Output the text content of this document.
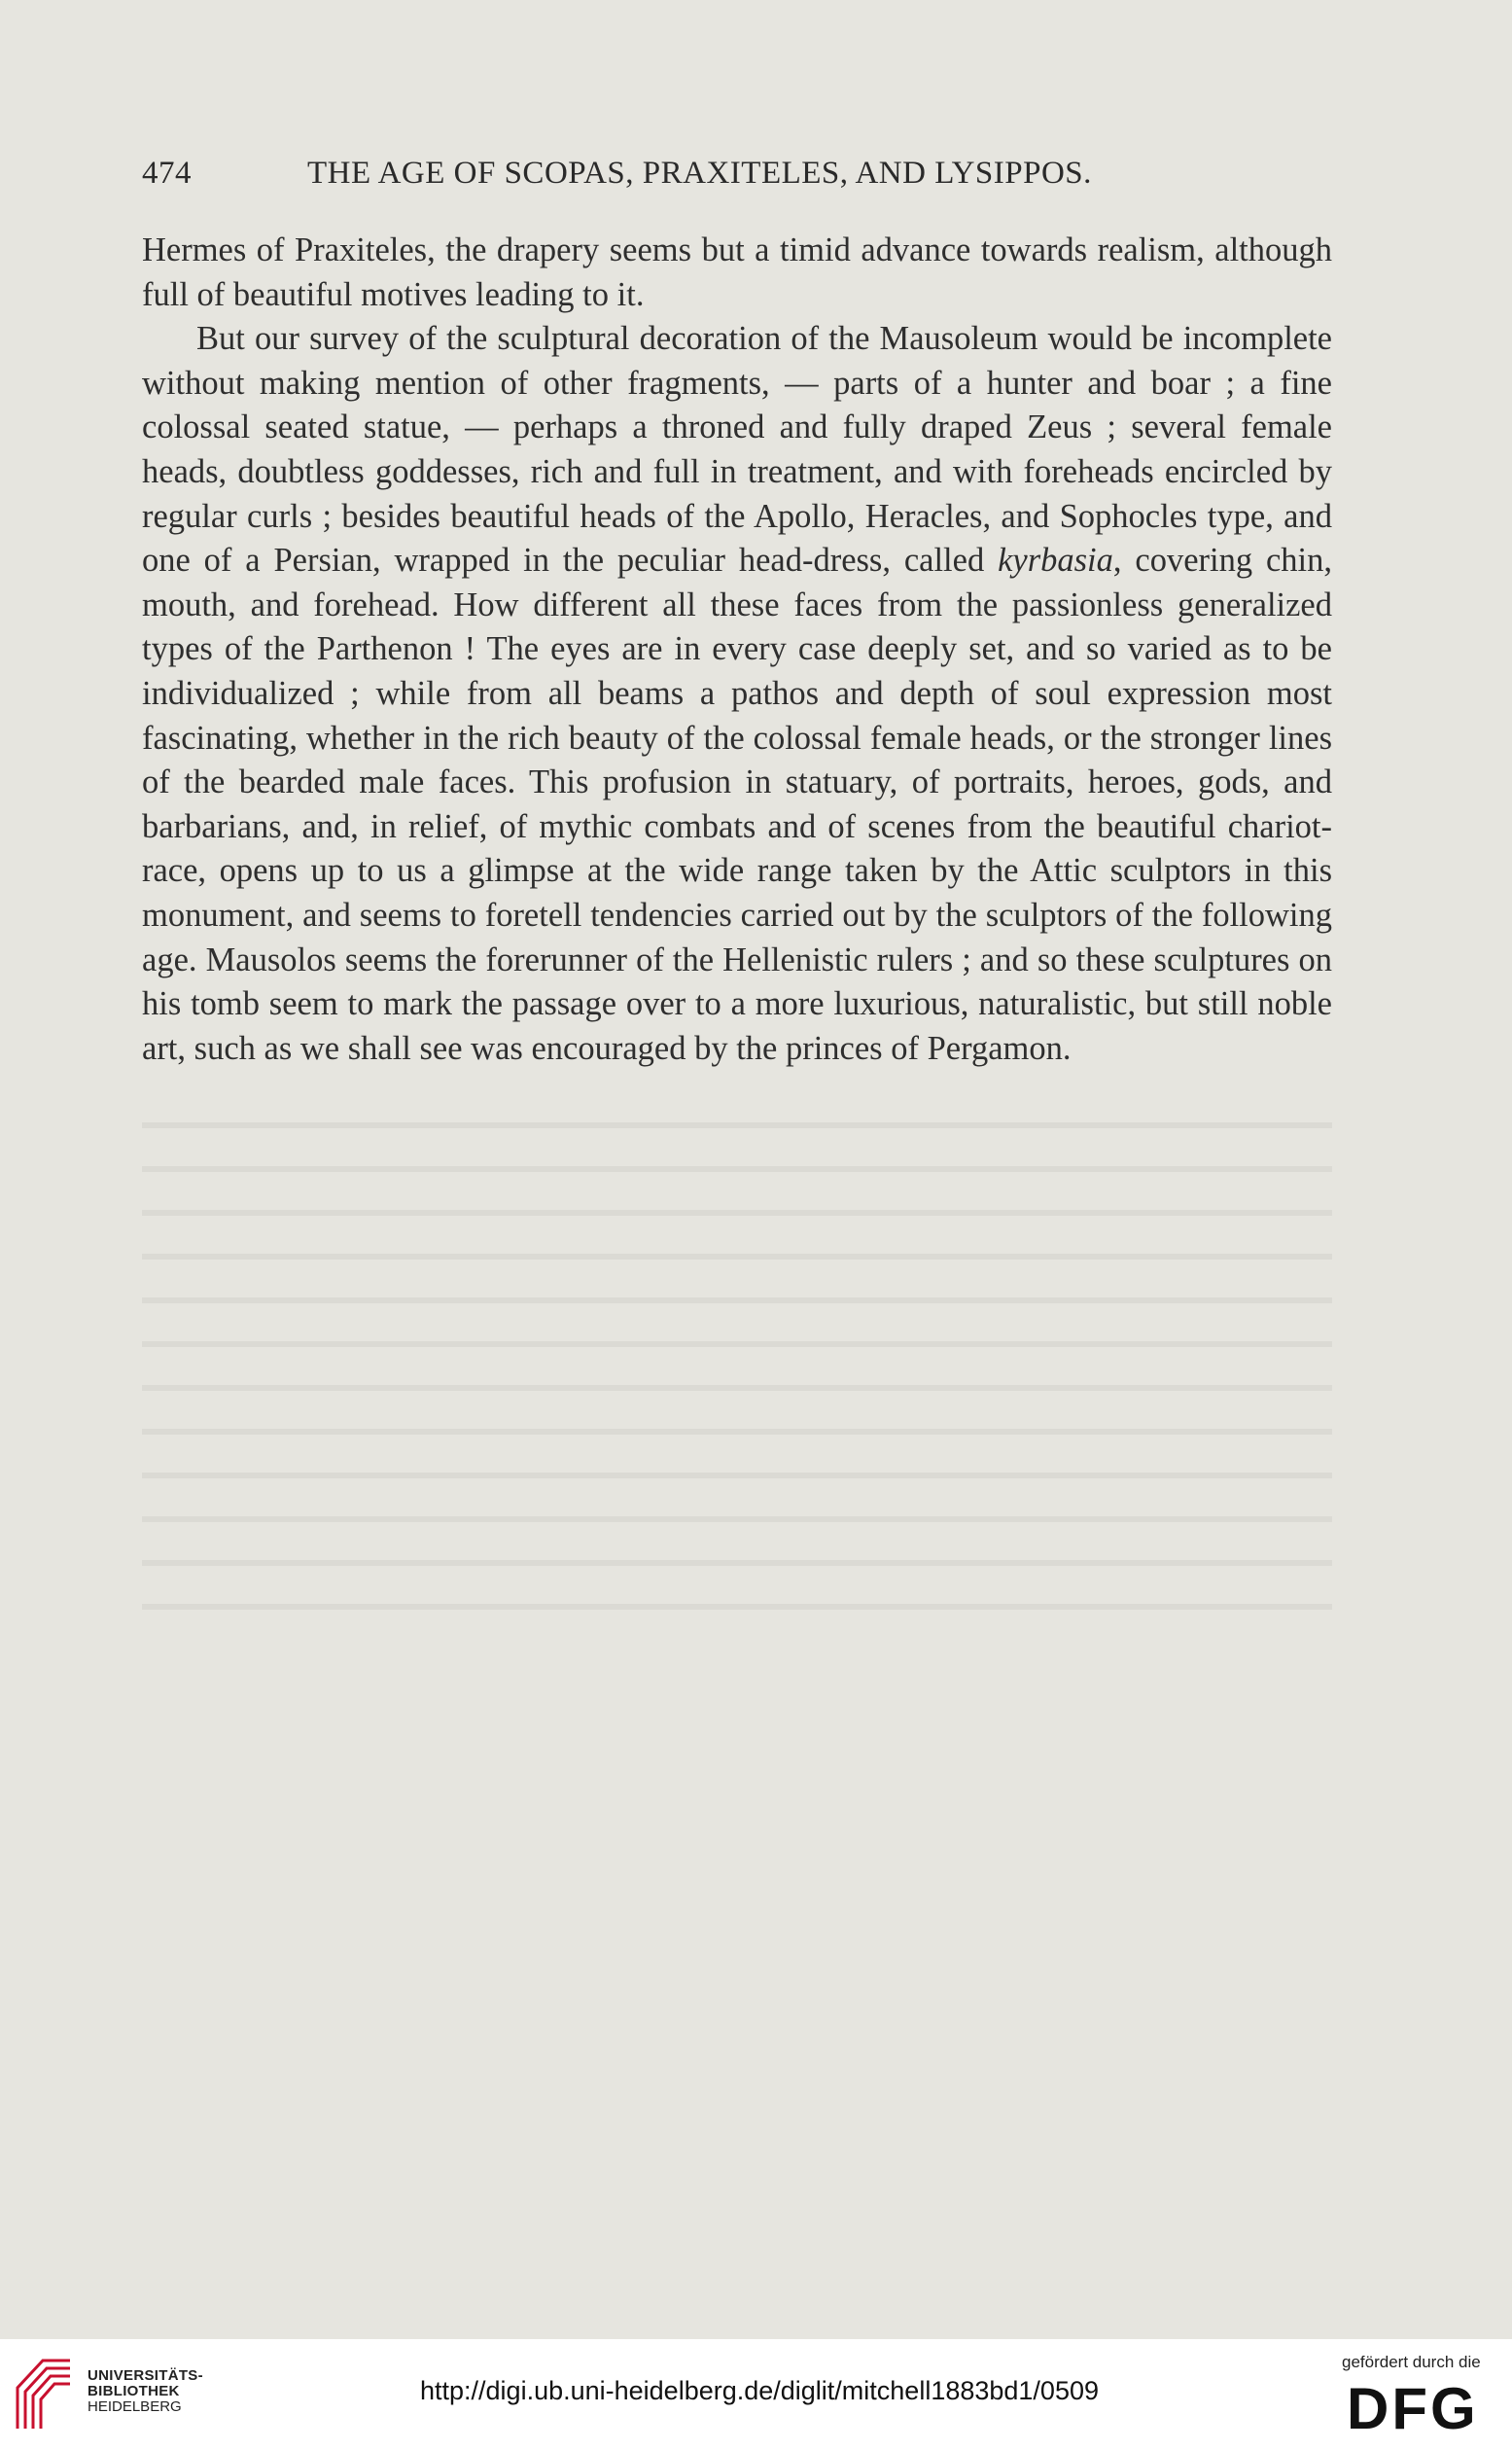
474	THE AGE OF SCOPAS, PRAXITELES, AND LYSIPPOS.

Hermes of Praxiteles, the drapery seems but a timid advance towards realism, although full of beautiful motives leading to it.

But our survey of the sculptural decoration of the Mausoleum would be incomplete without making mention of other fragments, — parts of a hunter and boar ; a fine colossal seated statue, — perhaps a throned and fully draped Zeus ; several female heads, doubtless goddesses, rich and full in treatment, and with foreheads encircled by regular curls ; besides beautiful heads of the Apollo, Heracles, and Sophocles type, and one of a Persian, wrapped in the peculiar head-dress, called kyrbasia, covering chin, mouth, and forehead. How different all these faces from the passionless generalized types of the Parthenon ! The eyes are in every case deeply set, and so varied as to be individualized ; while from all beams a pathos and depth of soul expression most fascinating, whether in the rich beauty of the colossal female heads, or the stronger lines of the bearded male faces. This profusion in statuary, of portraits, heroes, gods, and barbarians, and, in relief, of mythic combats and of scenes from the beautiful chariot-race, opens up to us a glimpse at the wide range taken by the Attic sculptors in this monument, and seems to foretell tendencies carried out by the sculptors of the following age. Mausolos seems the forerunner of the Hellenistic rulers ; and so these sculptures on his tomb seem to mark the passage over to a more luxurious, naturalistic, but still noble art, such as we shall see was encouraged by the princes of Pergamon.

UNIVERSITÄTS-
BIBLIOTHEK
HEIDELBERG
http://digi.ub.uni-heidelberg.de/diglit/mitchell1883bd1/0509
gefördert durch die
DFG
